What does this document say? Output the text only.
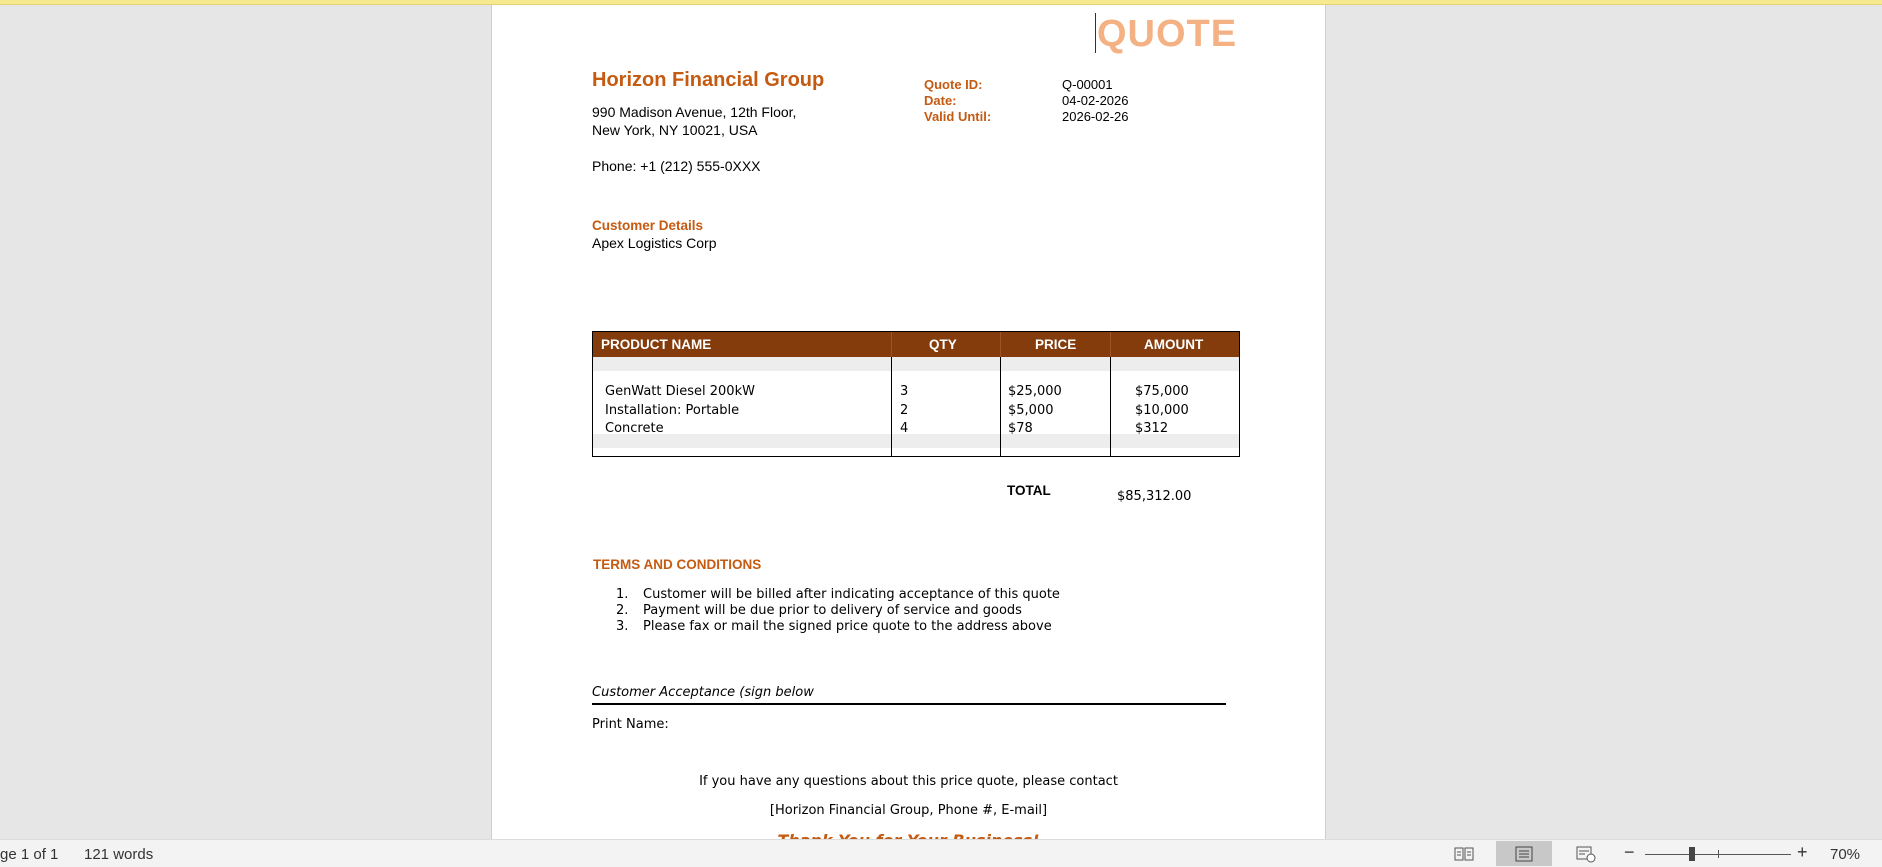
QUOTE
Horizon Financial Group
990 Madison Avenue, 12th Floor,
New York, NY 10021, USA
Phone: +1 (212) 555-0XXX
Quote ID:	Q-00001
Date:	04-02-2026
Valid Until:	2026-02-26
Customer Details
Apex Logistics Corp
PRODUCT NAME	QTY	PRICE	AMOUNT
GenWatt Diesel 200kW	3	$25,000	$75,000
Installation: Portable	2	$5,000	$10,000
Concrete	4	$78	$312
TOTAL	$85,312.00
TERMS AND CONDITIONS
1. Customer will be billed after indicating acceptance of this quote
2. Payment will be due prior to delivery of service and goods
3. Please fax or mail the signed price quote to the address above
Customer Acceptance (sign below
Print Name:
If you have any questions about this price quote, please contact
[Horizon Financial Group, Phone #, E-mail]
ge 1 of 1 121 words	−	+ 70%
